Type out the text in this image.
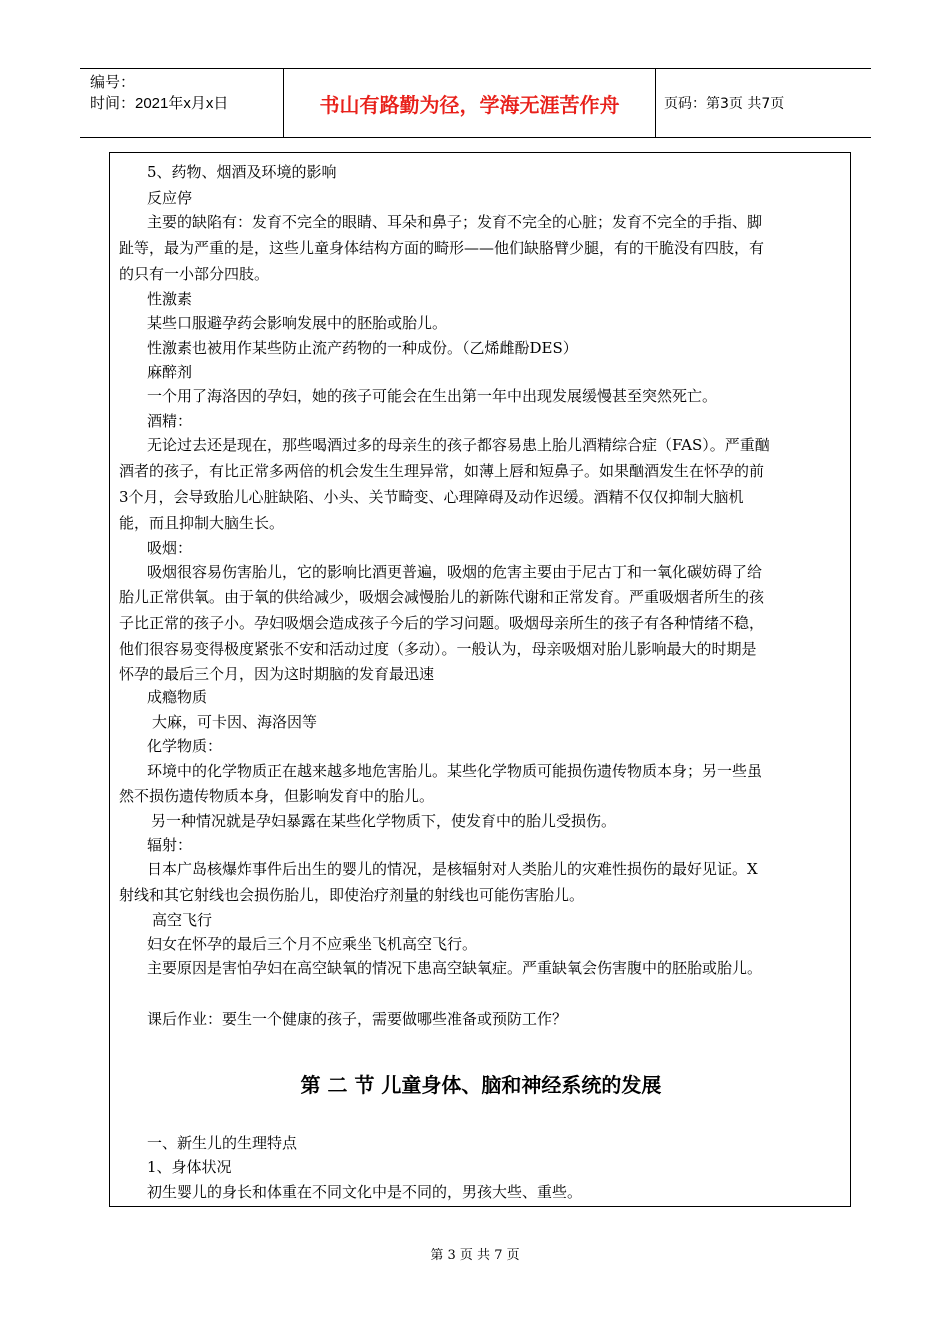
编号：
时间：2021年x月x日	书山有路勤为径，学海无涯苦作舟	页码：第3页 共7页
5、药物、烟酒及环境的影响
反应停
主要的缺陷有：发育不完全的眼睛、耳朵和鼻子；发育不完全的心脏；发育不完全的手指、脚
趾等，最为严重的是，这些儿童身体结构方面的畸形——他们缺胳臂少腿，有的干脆没有四肢，有
的只有一小部分四肢。
性激素
某些口服避孕药会影响发展中的胚胎或胎儿。
性激素也被用作某些防止流产药物的一种成份。（乙烯雌酚DES）
麻醉剂
一个用了海洛因的孕妇，她的孩子可能会在生出第一年中出现发展缓慢甚至突然死亡。
酒精：
无论过去还是现在，那些喝酒过多的母亲生的孩子都容易患上胎儿酒精综合症（FAS）。严重酗
酒者的孩子，有比正常多两倍的机会发生生理异常，如薄上唇和短鼻子。如果酗酒发生在怀孕的前
3个月，会导致胎儿心脏缺陷、小头、关节畸变、心理障碍及动作迟缓。酒精不仅仅抑制大脑机
能，而且抑制大脑生长。
吸烟：
吸烟很容易伤害胎儿，它的影响比酒更普遍，吸烟的危害主要由于尼古丁和一氧化碳妨碍了给
胎儿正常供氧。由于氧的供给减少，吸烟会减慢胎儿的新陈代谢和正常发育。严重吸烟者所生的孩
子比正常的孩子小。孕妇吸烟会造成孩子今后的学习问题。吸烟母亲所生的孩子有各种情绪不稳，
他们很容易变得极度紧张不安和活动过度（多动）。一般认为，母亲吸烟对胎儿影响最大的时期是
怀孕的最后三个月，因为这时期脑的发育最迅速
成瘾物质
大麻，可卡因、海洛因等
化学物质：
环境中的化学物质正在越来越多地危害胎儿。某些化学物质可能损伤遗传物质本身；另一些虽
然不损伤遗传物质本身，但影响发育中的胎儿。
另一种情况就是孕妇暴露在某些化学物质下，使发育中的胎儿受损伤。
辐射：
日本广岛核爆炸事件后出生的婴儿的情况，是核辐射对人类胎儿的灾难性损伤的最好见证。X
射线和其它射线也会损伤胎儿，即使治疗剂量的射线也可能伤害胎儿。
高空飞行
妇女在怀孕的最后三个月不应乘坐飞机高空飞行。
主要原因是害怕孕妇在高空缺氧的情况下患高空缺氧症。严重缺氧会伤害腹中的胚胎或胎儿。
课后作业：要生一个健康的孩子，需要做哪些准备或预防工作？
第 二 节 儿童身体、脑和神经系统的发展
一、新生儿的生理特点
1、身体状况
初生婴儿的身长和体重在不同文化中是不同的，男孩大些、重些。
第 3 页 共 7 页
